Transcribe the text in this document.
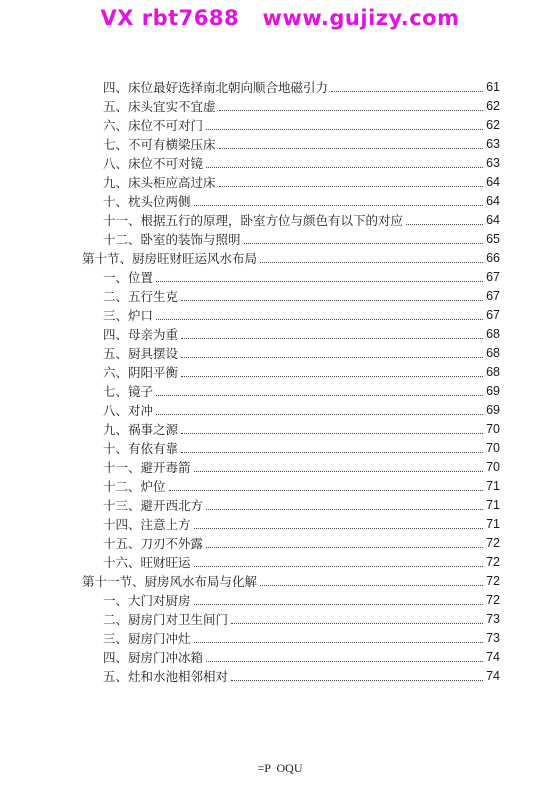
VX rbt7688   www.gujizy.com
四、床位最好选择南北朝向顺合地磁引力	61
五、床头宜实不宜虚	62
六、床位不可对门	62
七、不可有横梁压床	63
八、床位不可对镜	63
九、床头柜应高过床	64
十、枕头位两侧	64
十一、根据五行的原理，卧室方位与颜色有以下的对应	64
十二、卧室的装饰与照明	65
第十节、厨房旺财旺运风水布局	66
一、位置	67
二、五行生克	67
三、炉口	67
四、母亲为重	68
五、厨具摆设	68
六、阴阳平衡	68
七、镜子	69
八、对冲	69
九、祸事之源	70
十、有依有靠	70
十一、避开毒箭	70
十二、炉位	71
十三、避开西北方	71
十四、注意上方	71
十五、刀刃不外露	72
十六、旺财旺运	72
第十一节、厨房风水布局与化解	72
一、大门对厨房	72
二、厨房门对卫生间门	73
三、厨房门冲灶	73
四、厨房门冲冰箱	74
五、灶和水池相邻相对	74
=P  OQU
